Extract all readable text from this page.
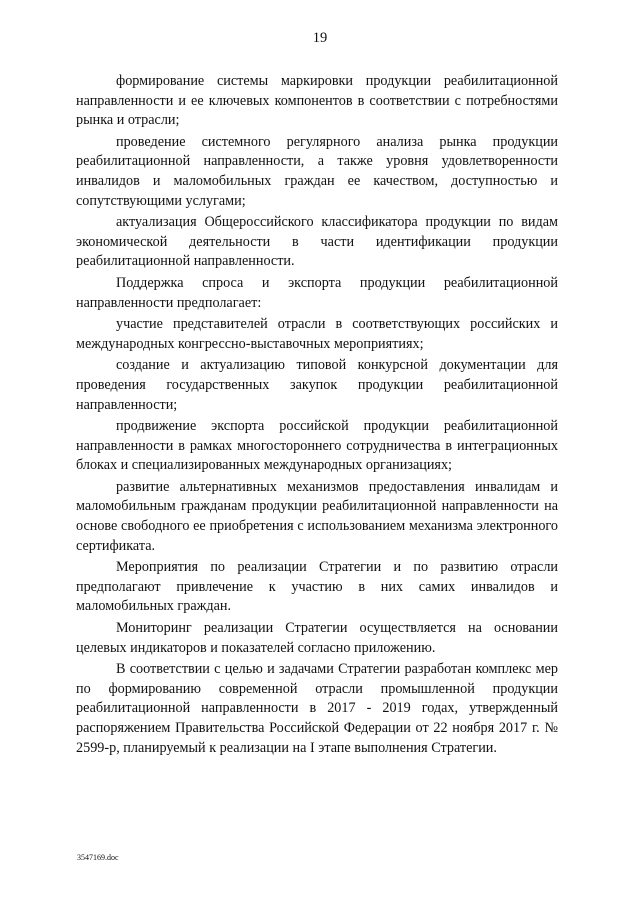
19

формирование системы маркировки продукции реабилитационной направленности и ее ключевых компонентов в соответствии с потребностями рынка и отрасли;

проведение системного регулярного анализа рынка продукции реабилитационной направленности, а также уровня удовлетворенности инвалидов и маломобильных граждан ее качеством, доступностью и сопутствующими услугами;

актуализация Общероссийского классификатора продукции по видам экономической деятельности в части идентификации продукции реабилитационной направленности.

Поддержка спроса и экспорта продукции реабилитационной направленности предполагает:

участие представителей отрасли в соответствующих российских и международных конгрессно-выставочных мероприятиях;

создание и актуализацию типовой конкурсной документации для проведения государственных закупок продукции реабилитационной направленности;

продвижение экспорта российской продукции реабилитационной направленности в рамках многостороннего сотрудничества в интеграционных блоках и специализированных международных организациях;

развитие альтернативных механизмов предоставления инвалидам и маломобильным гражданам продукции реабилитационной направленности на основе свободного ее приобретения с использованием механизма электронного сертификата.

Мероприятия по реализации Стратегии и по развитию отрасли предполагают привлечение к участию в них самих инвалидов и маломобильных граждан.

Мониторинг реализации Стратегии осуществляется на основании целевых индикаторов и показателей согласно приложению.

В соответствии с целью и задачами Стратегии разработан комплекс мер по формированию современной отрасли промышленной продукции реабилитационной направленности в 2017 - 2019 годах, утвержденный распоряжением Правительства Российской Федерации от 22 ноября 2017 г. № 2599-р, планируемый к реализации на I этапе выполнения Стратегии.

3547169.doc
